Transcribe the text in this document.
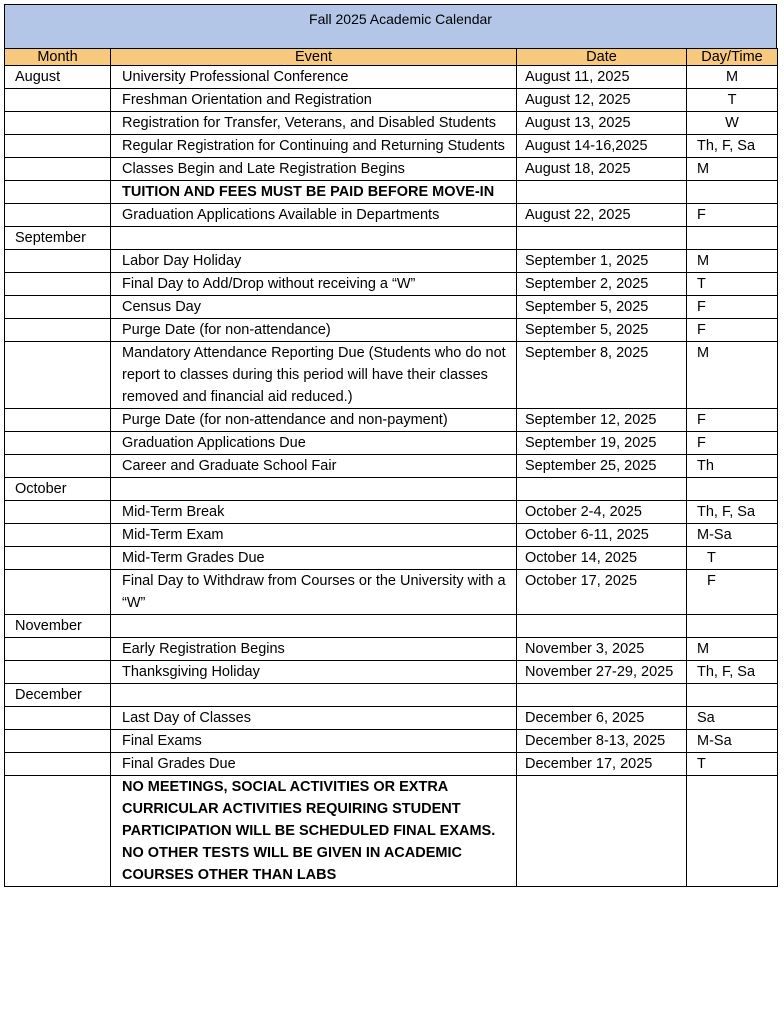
Fall 2025 Academic Calendar
Month	Event	Date	Day/Time
August	University Professional Conference	August 11, 2025	M
	Freshman Orientation and Registration	August 12, 2025	T
	Registration for Transfer, Veterans, and Disabled Students	August 13, 2025	W
	Regular Registration for Continuing and Returning Students	August 14-16,2025	Th, F, Sa
	Classes Begin and Late Registration Begins	August 18, 2025	M
	TUITION AND FEES MUST BE PAID BEFORE MOVE-IN		
	Graduation Applications Available in Departments	August 22, 2025	F
September			
	Labor Day Holiday	September 1, 2025	M
	Final Day to Add/Drop without receiving a “W”	September 2, 2025	T
	Census Day	September 5, 2025	F
	Purge Date (for non-attendance)	September 5, 2025	F
	Mandatory Attendance Reporting Due (Students who do not report to classes during this period will have their classes removed and financial aid reduced.)	September 8, 2025	M
	Purge Date (for non-attendance and non-payment)	September 12, 2025	F
	Graduation Applications Due	September 19, 2025	F
	Career and Graduate School Fair	September 25, 2025	Th
October			
	Mid-Term Break	October 2-4, 2025	Th, F, Sa
	Mid-Term Exam	October 6-11, 2025	M-Sa
	Mid-Term Grades Due	October 14, 2025	T
	Final Day to Withdraw from Courses or the University with a “W”	October 17, 2025	F
November			
	Early Registration Begins	November 3, 2025	M
	Thanksgiving Holiday	November 27-29, 2025	Th, F, Sa
December			
	Last Day of Classes	December 6, 2025	Sa
	Final Exams	December 8-13, 2025	M-Sa
	Final Grades Due	December 17, 2025	T
	NO MEETINGS, SOCIAL ACTIVITIES OR EXTRA CURRICULAR ACTIVITIES REQUIRING STUDENT PARTICIPATION WILL BE SCHEDULED FINAL EXAMS. NO OTHER TESTS WILL BE GIVEN IN ACADEMIC COURSES OTHER THAN LABS		
